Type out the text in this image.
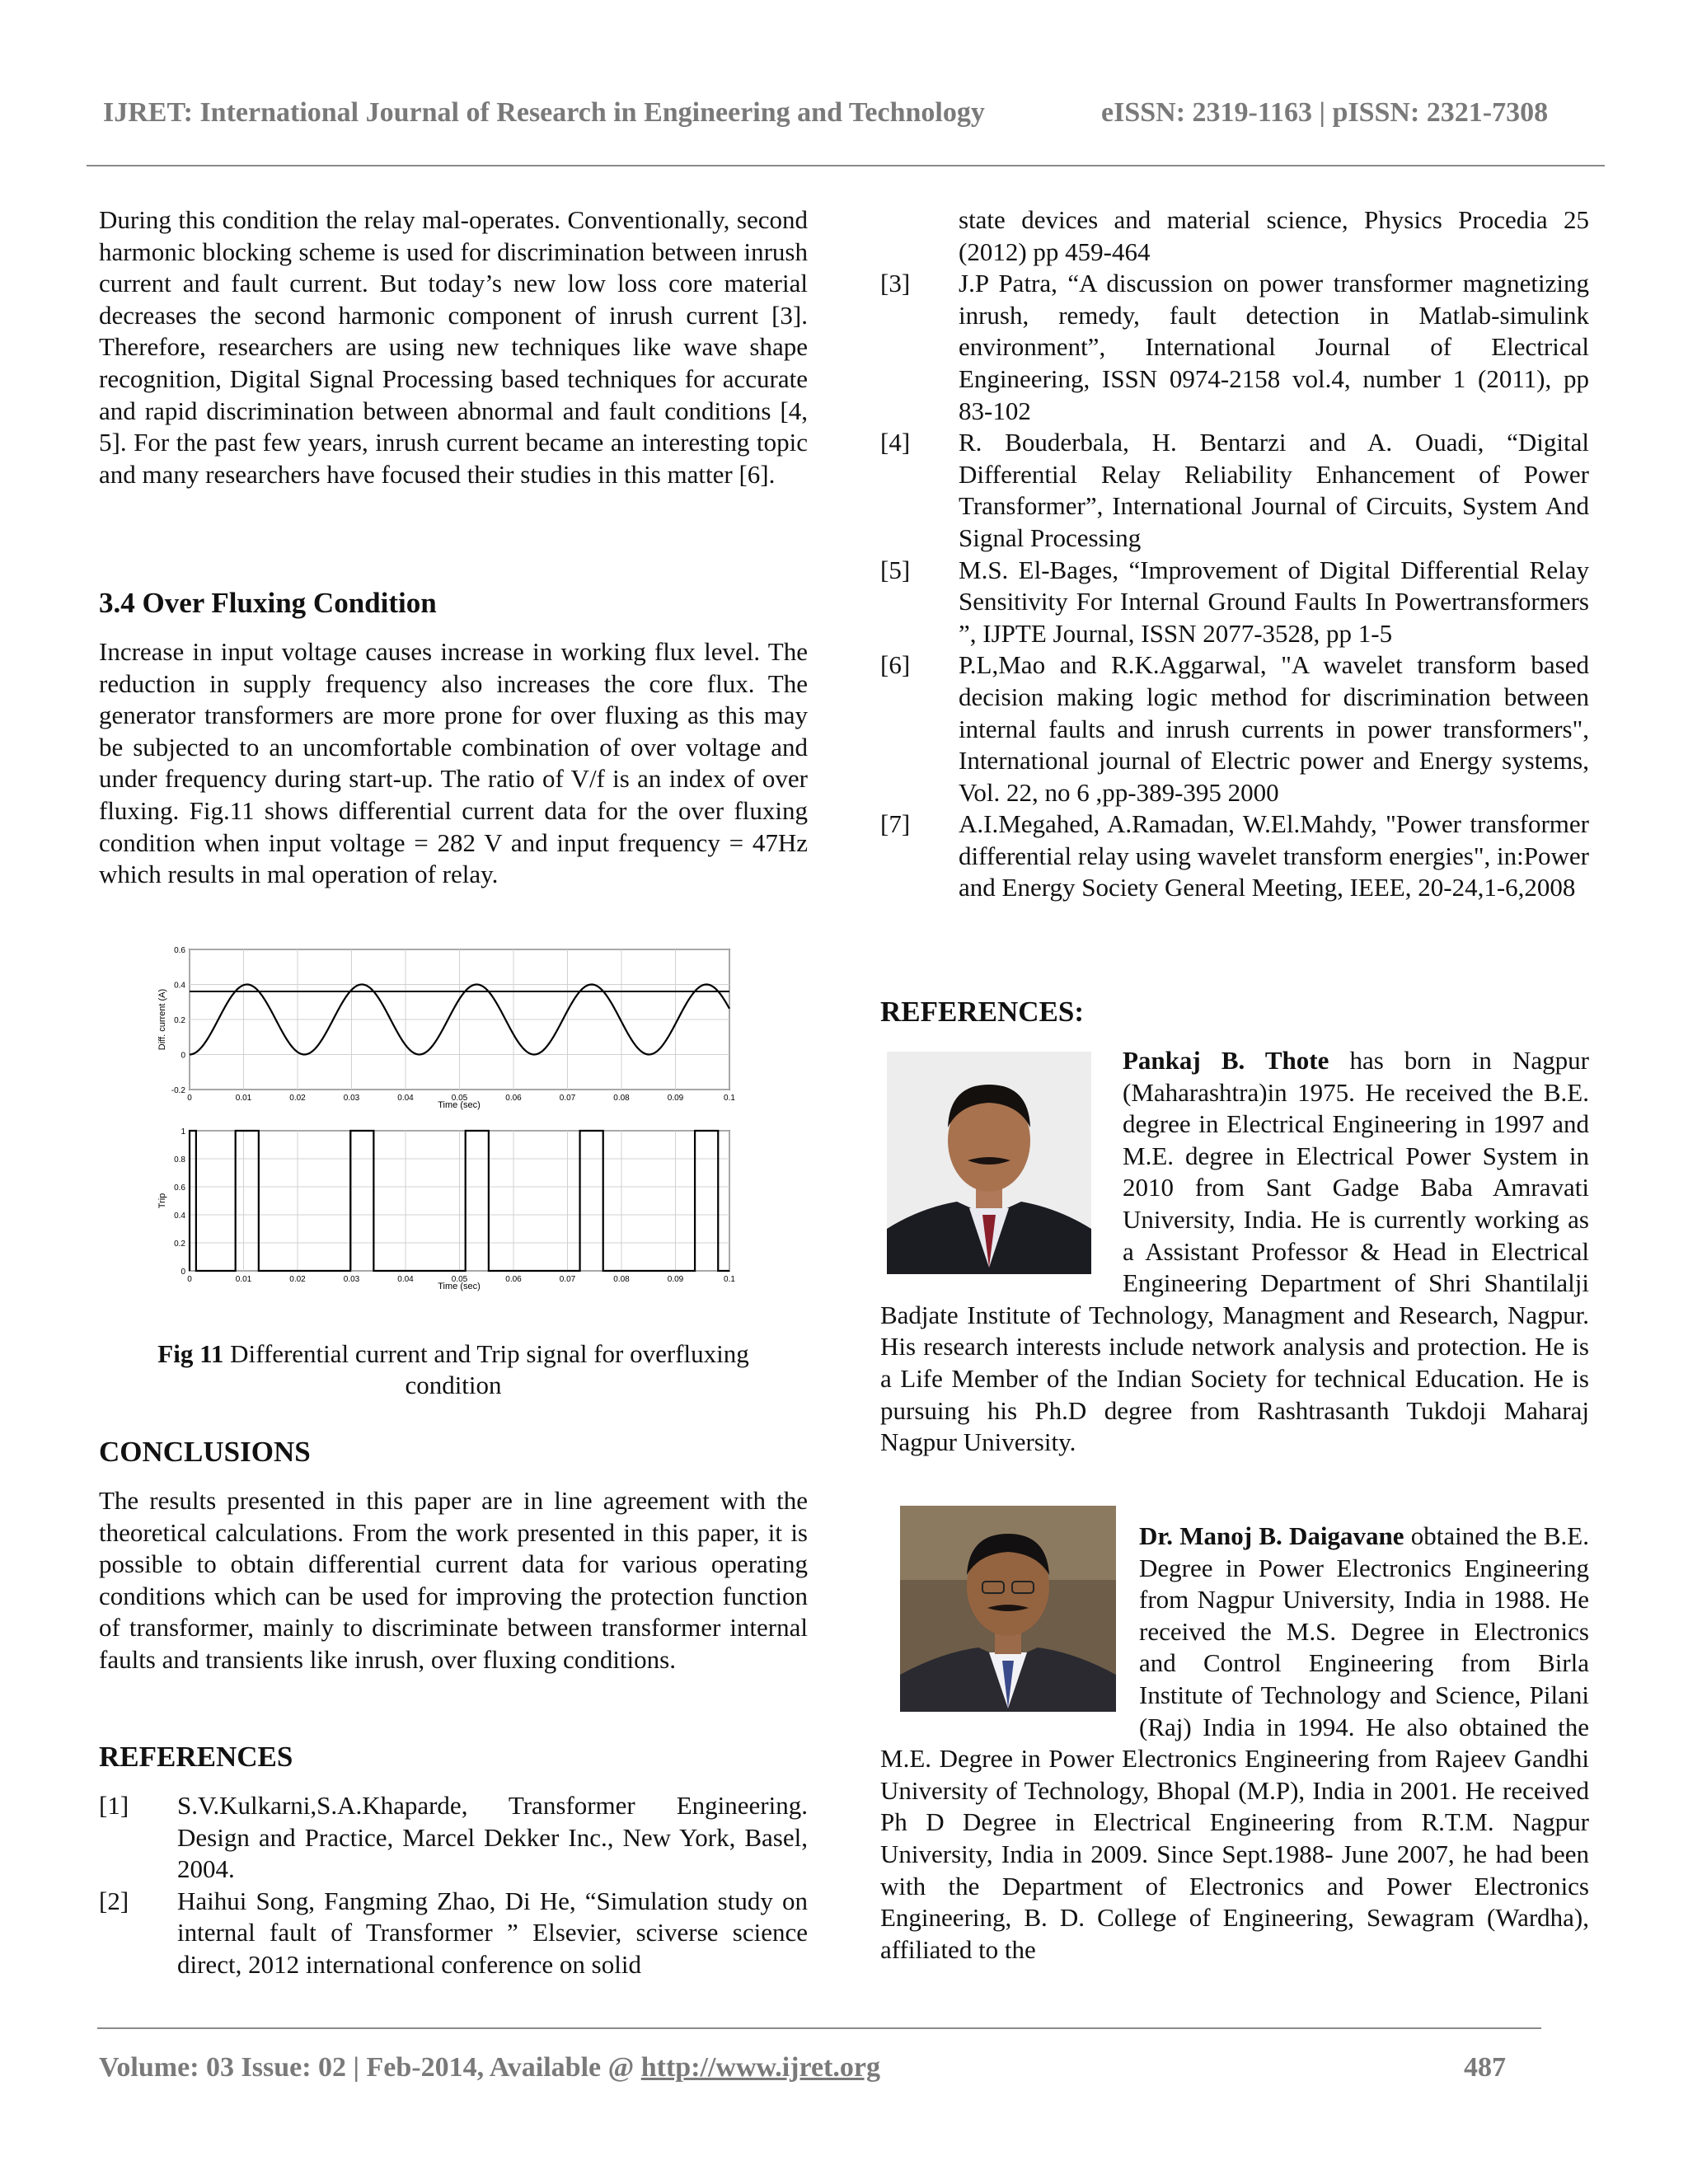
IJRET: International Journal of Research in Engineering and Technology	eISSN: 2319-1163 | pISSN: 2321-7308

During this condition the relay mal-operates. Conventionally, second harmonic blocking scheme is used for discrimination between inrush current and fault current. But today’s new low loss core material decreases the second harmonic component of inrush current [3]. Therefore, researchers are using new techniques like wave shape recognition, Digital Signal Processing based techniques for accurate and rapid discrimination between abnormal and fault conditions [4, 5]. For the past few years, inrush current became an interesting topic and many researchers have focused their studies in this matter [6].

3.4 Over Fluxing Condition

Increase in input voltage causes increase in working flux level. The reduction in supply frequency also increases the core flux. The generator transformers are more prone for over fluxing as this may be subjected to an uncomfortable combination of over voltage and under frequency during start-up. The ratio of V/f is an index of over fluxing. Fig.11 shows differential current data for the over fluxing condition when input voltage = 282 V and input frequency = 47Hz which results in mal operation of relay.

0	0.01	0.02	0.03	0.04	0.05	0.06	0.07	0.08	0.09	0.1
-0.2
0
0.2
0.4
0.6
Time (sec)
Diff. current (A)
0	0.01	0.02	0.03	0.04	0.05	0.06	0.07	0.08	0.09	0.1
0
0.2
0.4
0.6
0.8
1
Time (sec)
Trip
Fig 11 Differential current and Trip signal for overfluxing condition
CONCLUSIONS

The results presented in this paper are in line agreement with the theoretical calculations. From the work presented in this paper, it is possible to obtain differential current data for various operating conditions which can be used for improving the protection function of transformer, mainly to discriminate between transformer internal faults and transients like inrush, over fluxing conditions.

REFERENCES
[1]	S.V.Kulkarni,S.A.Khaparde, Transformer Engineering. Design and Practice, Marcel Dekker Inc., New York, Basel, 2004.
[2]	Haihui Song, Fangming Zhao, Di He, “Simulation study on internal fault of Transformer ” Elsevier, sciverse science direct, 2012 international conference on solid
state devices and material science, Physics Procedia 25 (2012) pp 459-464
[3]	J.P Patra, “A discussion on power transformer magnetizing inrush, remedy, fault detection in Matlab-simulink environment”, International Journal of Electrical Engineering, ISSN 0974-2158 vol.4, number 1 (2011), pp 83-102
[4]	R. Bouderbala, H. Bentarzi and A. Ouadi, “Digital Differential Relay Reliability Enhancement of Power Transformer”, International Journal of Circuits, System And Signal Processing
[5]	M.S. El-Bages, “Improvement of Digital Differential Relay Sensitivity For Internal Ground Faults In Powertransformers ”, IJPTE Journal, ISSN 2077-3528, pp 1-5
[6]	P.L,Mao and R.K.Aggarwal, "A wavelet transform based decision making logic method for discrimination between internal faults and inrush currents in power transformers", International journal of Electric power and Energy systems, Vol. 22, no 6 ,pp-389-395 2000
[7]	A.I.Megahed, A.Ramadan, W.El.Mahdy, "Power transformer differential relay using wavelet transform energies", in:Power and Energy Society General Meeting, IEEE, 20-24,1-6,2008
REFERENCES:
Pankaj B. Thote has born in Nagpur (Maharashtra)in 1975. He received the B.E. degree in Electrical Engineering in 1997 and M.E. degree in Electrical Power System in 2010 from Sant Gadge Baba Amravati University, India. He is currently working as a Assistant Professor & Head in Electrical Engineering Department of Shri Shantilalji Badjate Institute of Technology, Managment and Research, Nagpur. His research interests include network analysis and protection. He is a Life Member of the Indian Society for technical Education. He is pursuing his Ph.D degree from Rashtrasanth Tukdoji Maharaj Nagpur University.
Dr. Manoj B. Daigavane obtained the B.E. Degree in Power Electronics Engineering from Nagpur University, India in 1988. He received the M.S. Degree in Electronics and Control Engineering from Birla Institute of Technology and Science, Pilani (Raj) India in 1994. He also obtained the M.E. Degree in Power Electronics Engineering from Rajeev Gandhi University of Technology, Bhopal (M.P), India in 2001. He received Ph D Degree in Electrical Engineering from R.T.M. Nagpur University, India in 2009. Since Sept.1988- June 2007, he had been with the Department of Electronics and Power Electronics Engineering, B. D. College of Engineering, Sewagram (Wardha), affiliated to the
Volume: 03 Issue: 02 | Feb-2014, Available @ http://www.ijret.org	487
